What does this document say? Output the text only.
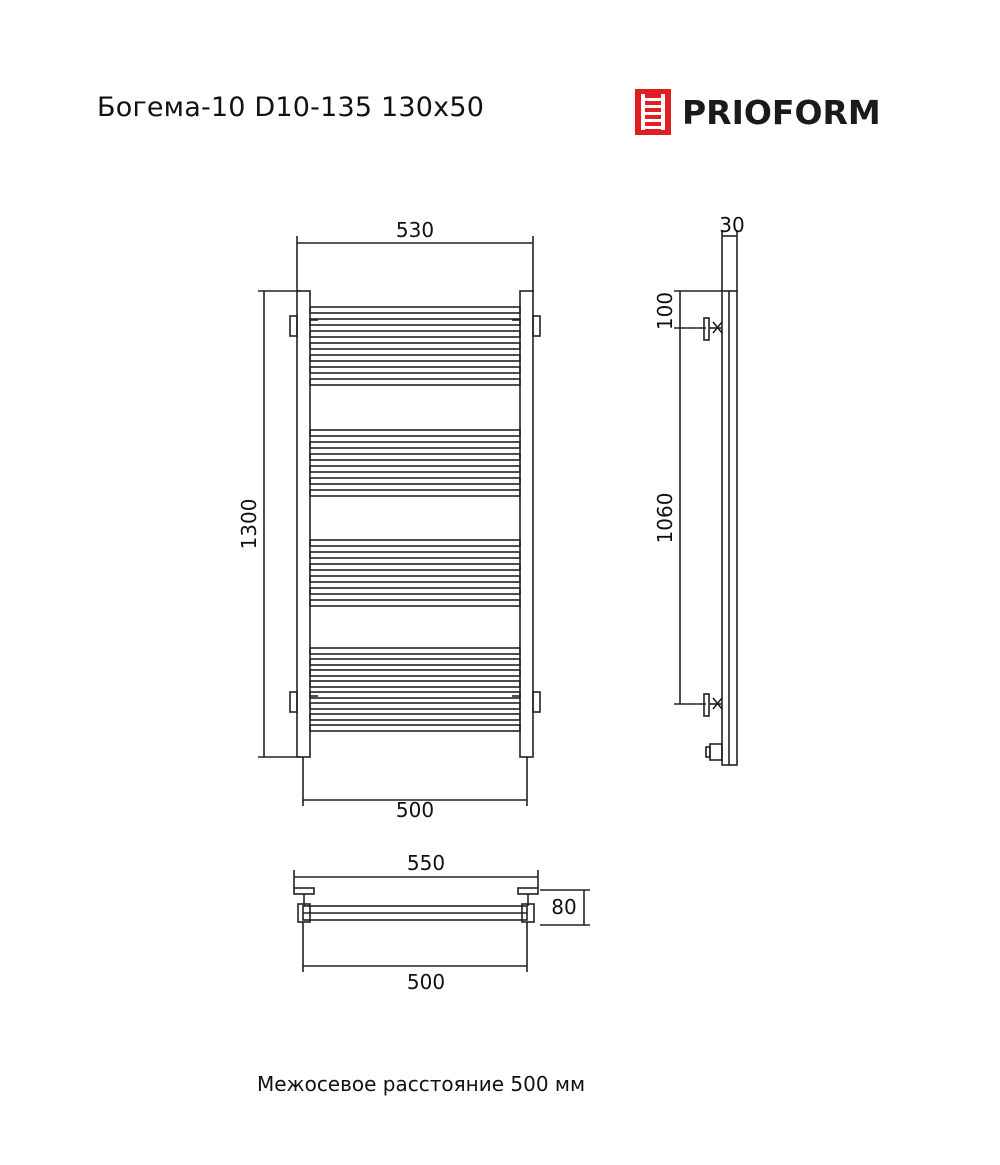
Богема-10 D10-135 130x50	PRIOFORM
530
1300
500
30
100
1060
550
80
500
Межосевое расстояние 500 мм
